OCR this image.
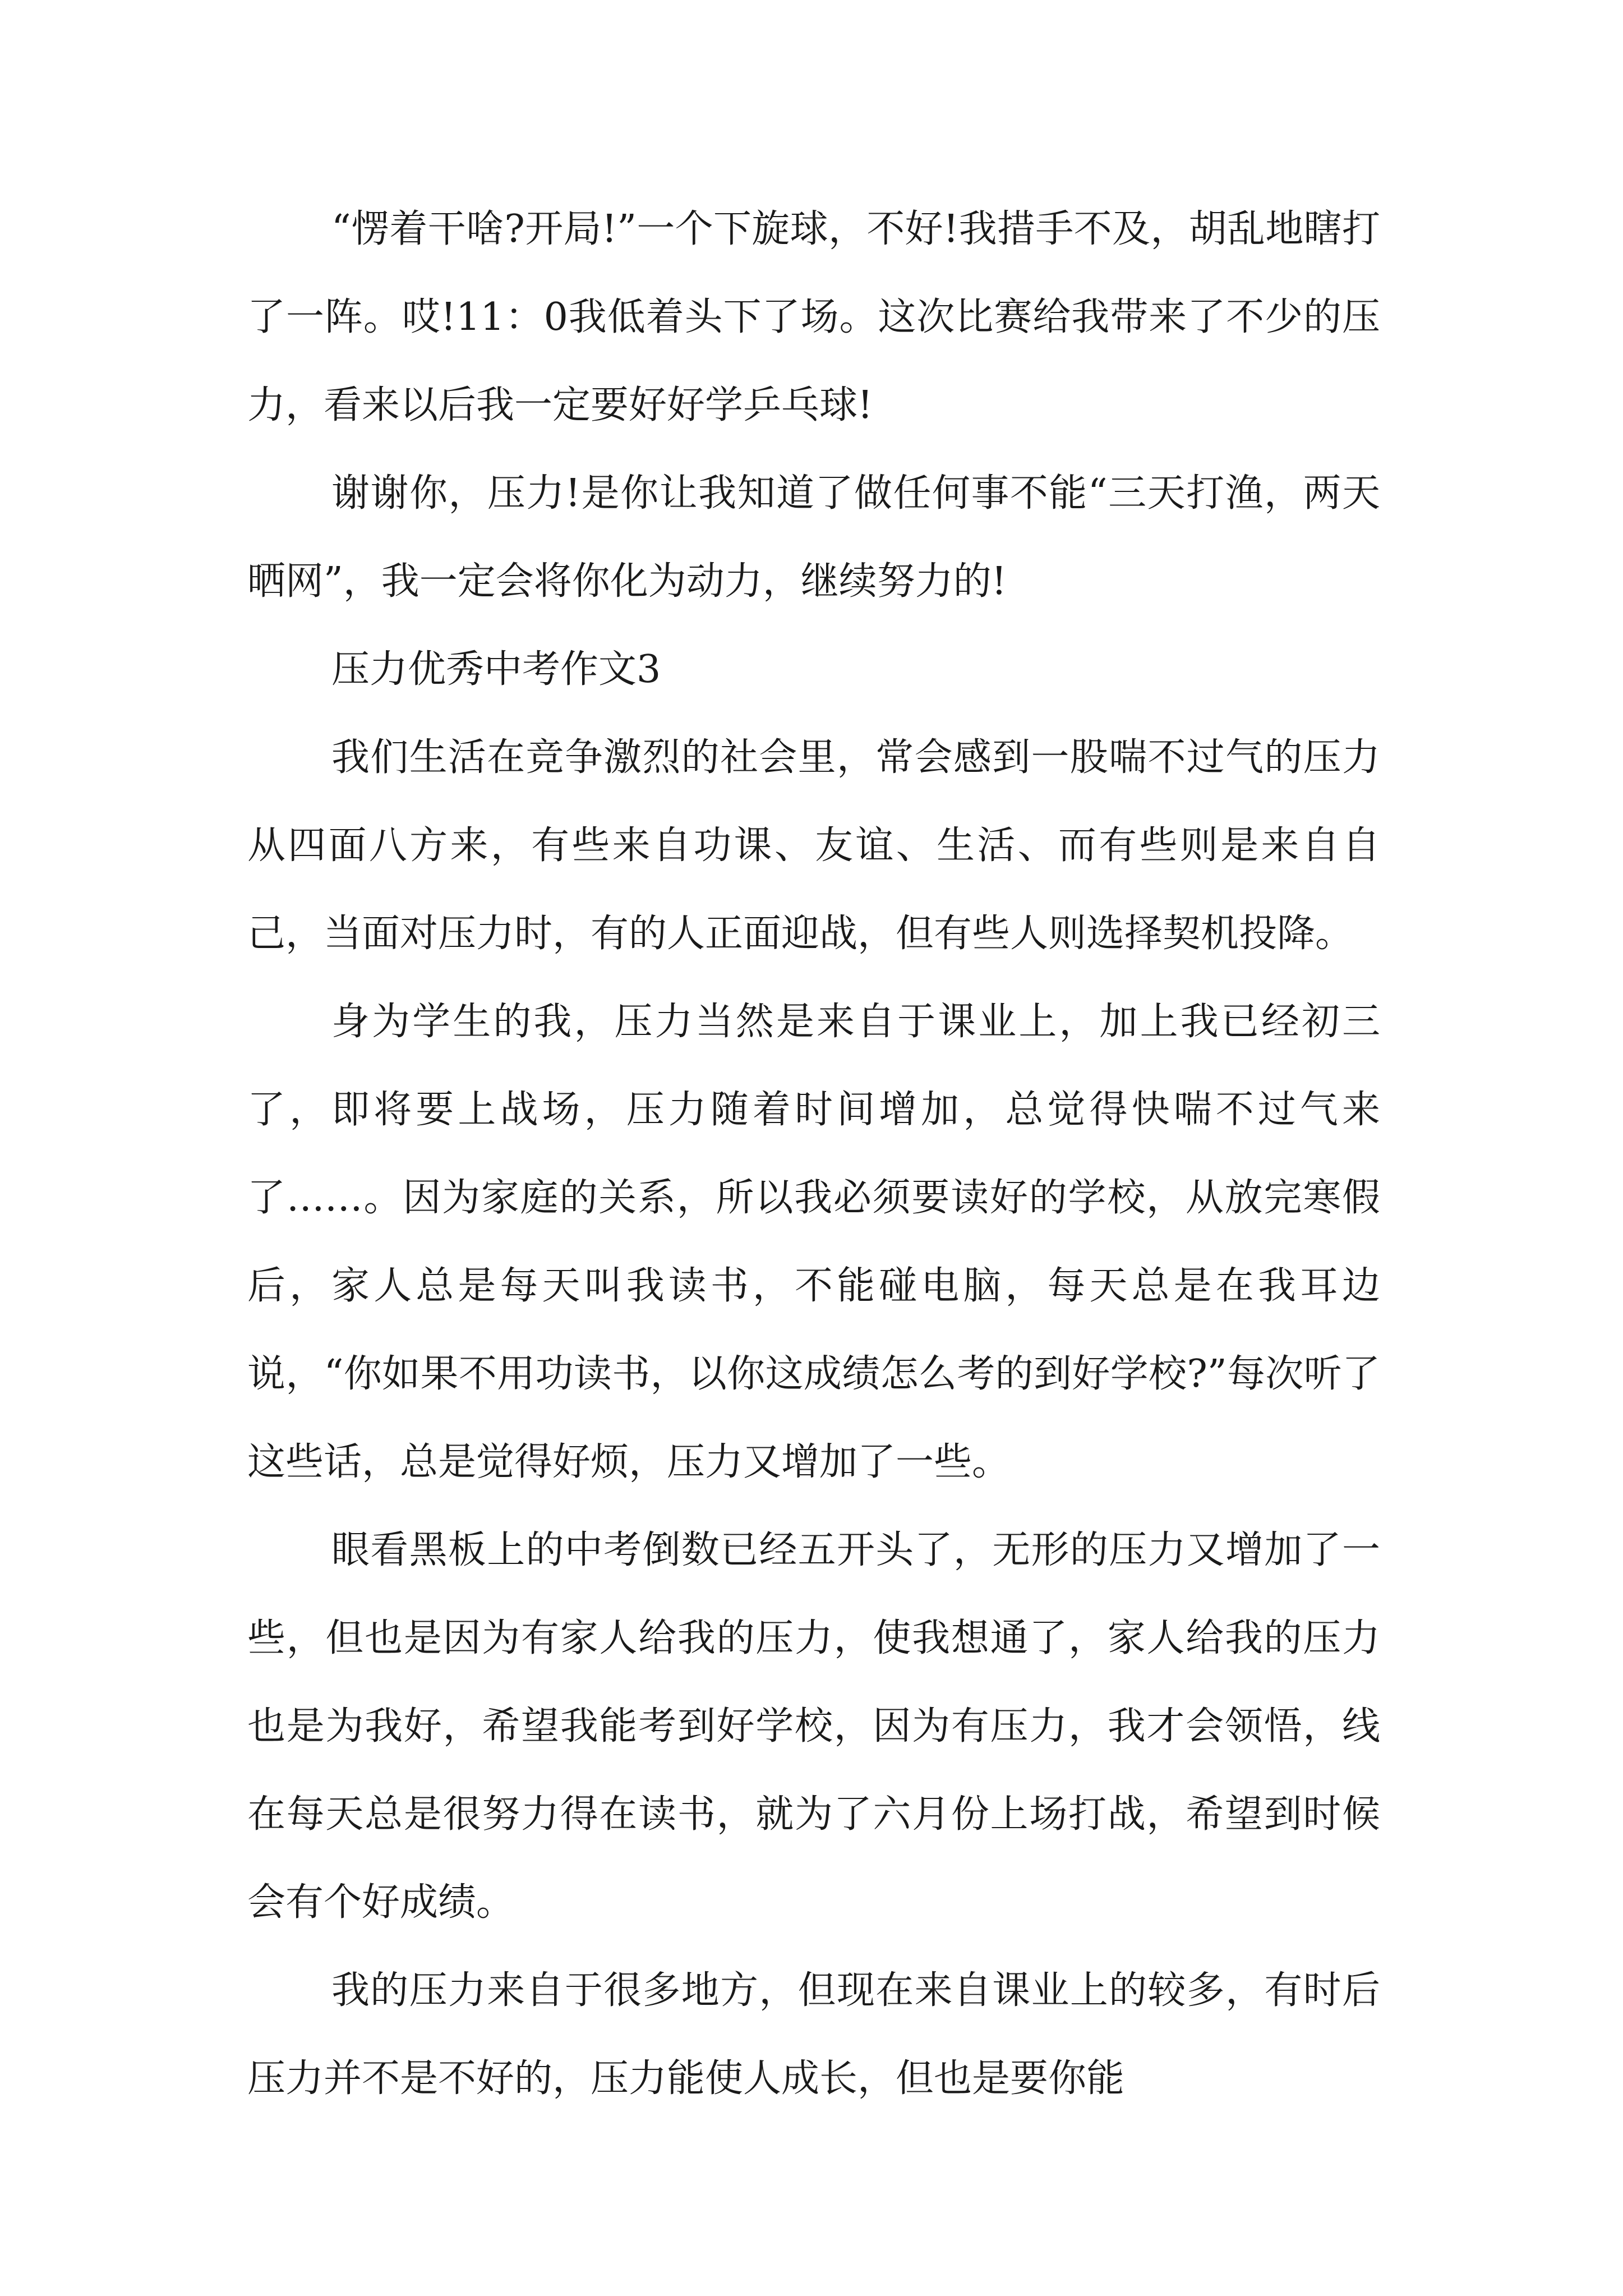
“愣着干啥?开局!”一个下旋球，不好!我措手不及，胡乱地瞎打了一阵。哎!11：0我低着头下了场。这次比赛给我带来了不少的压力，看来以后我一定要好好学乒乓球!

谢谢你，压力!是你让我知道了做任何事不能“三天打渔，两天晒网”，我一定会将你化为动力，继续努力的!

压力优秀中考作文3

我们生活在竞争激烈的社会里，常会感到一股喘不过气的压力从四面八方来，有些来自功课、友谊、生活、而有些则是来自自己，当面对压力时，有的人正面迎战，但有些人则选择契机投降。

身为学生的我，压力当然是来自于课业上，加上我已经初三了，即将要上战场，压力随着时间增加，总觉得快喘不过气来了……。因为家庭的关系，所以我必须要读好的学校，从放完寒假后，家人总是每天叫我读书，不能碰电脑，每天总是在我耳边说，“你如果不用功读书，以你这成绩怎么考的到好学校?”每次听了这些话，总是觉得好烦，压力又增加了一些。

眼看黑板上的中考倒数已经五开头了，无形的压力又增加了一些，但也是因为有家人给我的压力，使我想通了，家人给我的压力也是为我好，希望我能考到好学校，因为有压力，我才会领悟，线在每天总是很努力得在读书，就为了六月份上场打战，希望到时候会有个好成绩。

我的压力来自于很多地方，但现在来自课业上的较多，有时后压力并不是不好的，压力能使人成长，但也是要你能
